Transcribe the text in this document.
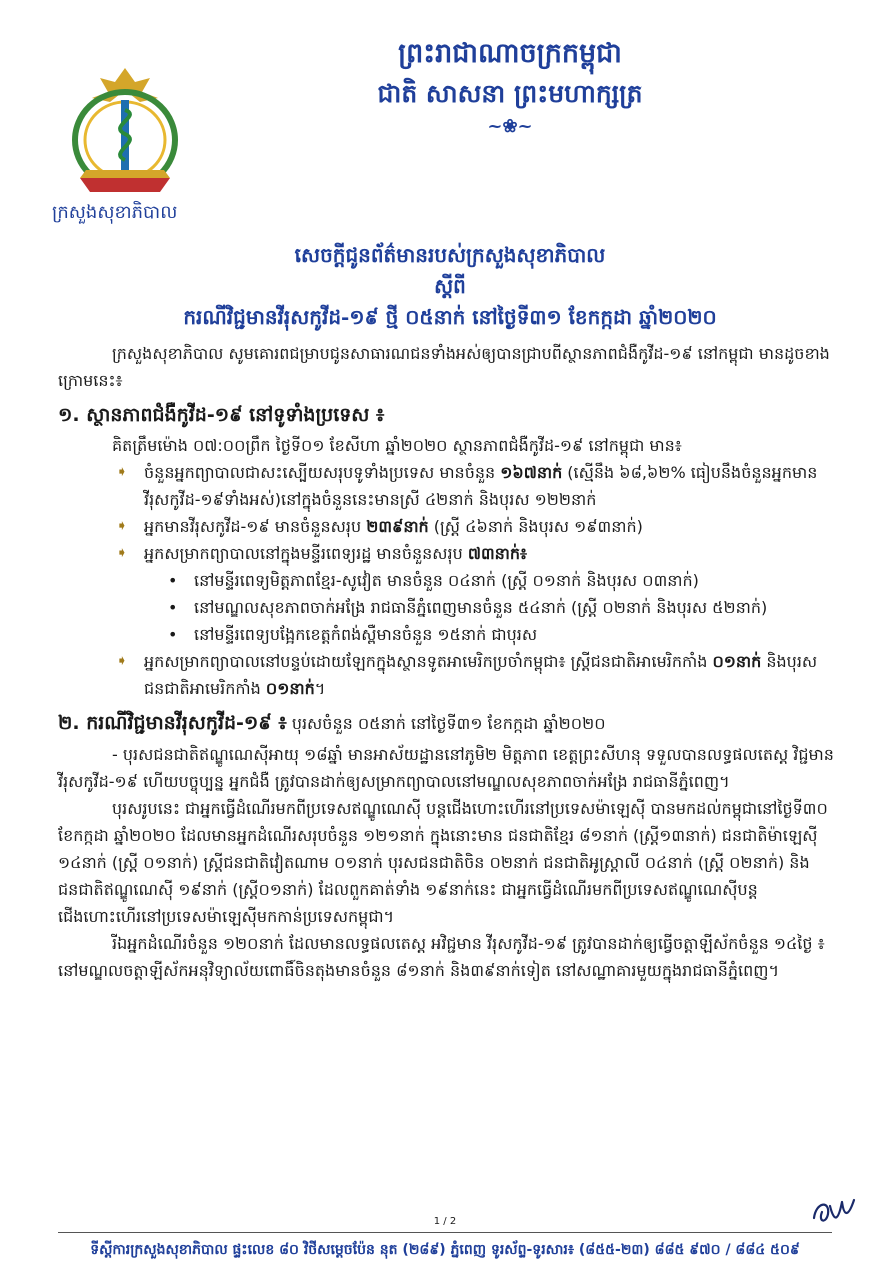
ក្រសួងសុខាភិបាល
ព្រះរាជាណាចក្រកម្ពុជា
ជាតិ សាសនា ព្រះមហាក្សត្រ
~❀~
សេចក្ដីជូនព័ត៌មានរបស់ក្រសួងសុខាភិបាល
ស្ដីពី
ករណីវិជ្ជមានវីរុសកូវីដ-១៩ ថ្មី ០៥នាក់ នៅថ្ងៃទី៣១ ខែកក្កដា ឆ្នាំ២០២០

ក្រសួងសុខាភិបាល សូមគោរពជម្រាបជូនសាធារណជនទាំងអស់ឲ្យបានជ្រាបពីស្ថានភាពជំងឺកូវីដ-១៩ នៅកម្ពុជា មានដូចខាងក្រោមនេះ៖

១. ស្ថានភាពជំងឺកូវីដ-១៩ នៅទូទាំងប្រទេស ៖

គិតត្រឹមម៉ោង ០៧:០០ព្រឹក ថ្ងៃទី០១ ខែសីហា ឆ្នាំ២០២០ ស្ថានភាពជំងឺកូវីដ-១៩ នៅកម្ពុជា មាន៖

➧ ចំនួនអ្នកព្យាបាលជាសះស្បើយសរុបទូទាំងប្រទេស មានចំនួន ១៦៧នាក់ (ស្មើនឹង ៦៨,៦២% ធៀបនឹងចំនួនអ្នកមានវីរុសកូវីដ-១៩ទាំងអស់)នៅក្នុងចំនួននេះមានស្រី ៤២នាក់ និងបុរស ១២២នាក់
➧ អ្នកមានវីរុសកូវីដ-១៩ មានចំនួនសរុប ២៣៩នាក់ (ស្ត្រី ៤៦នាក់ និងបុរស ១៩៣នាក់)
➧ អ្នកសម្រាកព្យាបាលនៅក្នុងមន្ទីរពេទ្យរដ្ឋ មានចំនួនសរុប ៧៣នាក់៖
• នៅមន្ទីរពេទ្យមិត្តភាពខ្មែរ-សូវៀត មានចំនួន ០៤នាក់ (ស្ត្រី ០១នាក់ និងបុរស ០៣នាក់)
• នៅមណ្ឌលសុខភាពចាក់អង្រែ រាជធានីភ្នំពេញមានចំនួន ៥៤នាក់ (ស្ត្រី ០២នាក់ និងបុរស ៥២នាក់)
• នៅមន្ទីរពេទ្យបង្អែកខេត្តកំពង់ស្ពឺមានចំនួន ១៥នាក់ ជាបុរស
➧ អ្នកសម្រាកព្យាបាលនៅបន្ទប់ដោយឡែកក្នុងស្ថានទូតអាមេរិកប្រចាំកម្ពុជា៖ ស្ត្រីជនជាតិអាមេរិកកាំង ០១នាក់ និងបុរសជនជាតិអាមេរិកកាំង ០១នាក់។
២. ករណីវិជ្ជមានវីរុសកូវីដ-១៩ ៖ បុរសចំនួន ០៥នាក់ នៅថ្ងៃទី៣១ ខែកក្កដា ឆ្នាំ២០២០

- បុរសជនជាតិឥណ្ឌូណេស៊ីអាយុ ១៨ឆ្នាំ មានអាស័យដ្ឋាននៅភូមិ២ មិត្តភាព ខេត្តព្រះសីហនុ ទទួលបានលទ្ធផលតេស្ត វិជ្ជមានវីរុសកូវីដ-១៩ ហើយបច្ចុប្បន្ន អ្នកជំងឺ ត្រូវបានដាក់ឲ្យសម្រាកព្យាបាលនៅមណ្ឌលសុខភាពចាក់អង្រែ រាជធានីភ្នំពេញ។

បុរសរូបនេះ ជាអ្នកធ្វើដំណើរមកពីប្រទេសឥណ្ឌូណេស៊ី បន្តជើងហោះហើរនៅប្រទេសម៉ាឡេស៊ី បានមកដល់កម្ពុជានៅថ្ងៃទី៣០ ខែកក្កដា ឆ្នាំ២០២០ ដែលមានអ្នកដំណើរសរុបចំនួន ១២១នាក់ ក្នុងនោះមាន ជនជាតិខ្មែរ ៨១នាក់ (ស្ត្រី១៣នាក់) ជនជាតិម៉ាឡេស៊ី ១៤នាក់ (ស្ត្រី ០១នាក់) ស្ត្រីជនជាតិវៀតណាម ០១នាក់ បុរសជនជាតិចិន ០២នាក់ ជនជាតិអូស្រ្តាលី ០៤នាក់ (ស្ត្រី ០២នាក់) និងជនជាតិឥណ្ឌូណេស៊ី ១៩នាក់ (ស្ត្រី០១នាក់) ដែលពួកគាត់ទាំង ១៩នាក់នេះ ជាអ្នកធ្វើដំណើរមកពីប្រទេសឥណ្ឌូណេស៊ីបន្តជើងហោះហើរនៅប្រទេសម៉ាឡេស៊ីមកកាន់ប្រទេសកម្ពុជា។

រីឯអ្នកដំណើរចំនួន ១២០នាក់ ដែលមានលទ្ធផលតេស្ត អវិជ្ជមាន វីរុសកូវីដ-១៩ ត្រូវបានដាក់ឲ្យធ្វើចត្តាឡីស័កចំនួន ១៤ថ្ងៃ ៖ នៅមណ្ឌលចត្តាឡីស័កអនុវិទ្យាល័យពោធិ៍ចិនតុងមានចំនួន ៨១នាក់ និង៣៩នាក់ទៀត នៅសណ្ឋាគារមួយក្នុងរាជធានីភ្នំពេញ។

1 / 2
ទីស្ដីការក្រសួងសុខាភិបាល ផ្ទះលេខ ៨០ វិថីសម្ដេចប៉ែន នុត (២៨៩) ភ្នំពេញ ទូរស័ព្ទ-ទូរសារ៖ (៨៥៥-២៣) ៨៨៥ ៩៧០ / ៨៨៤ ៥០៩
